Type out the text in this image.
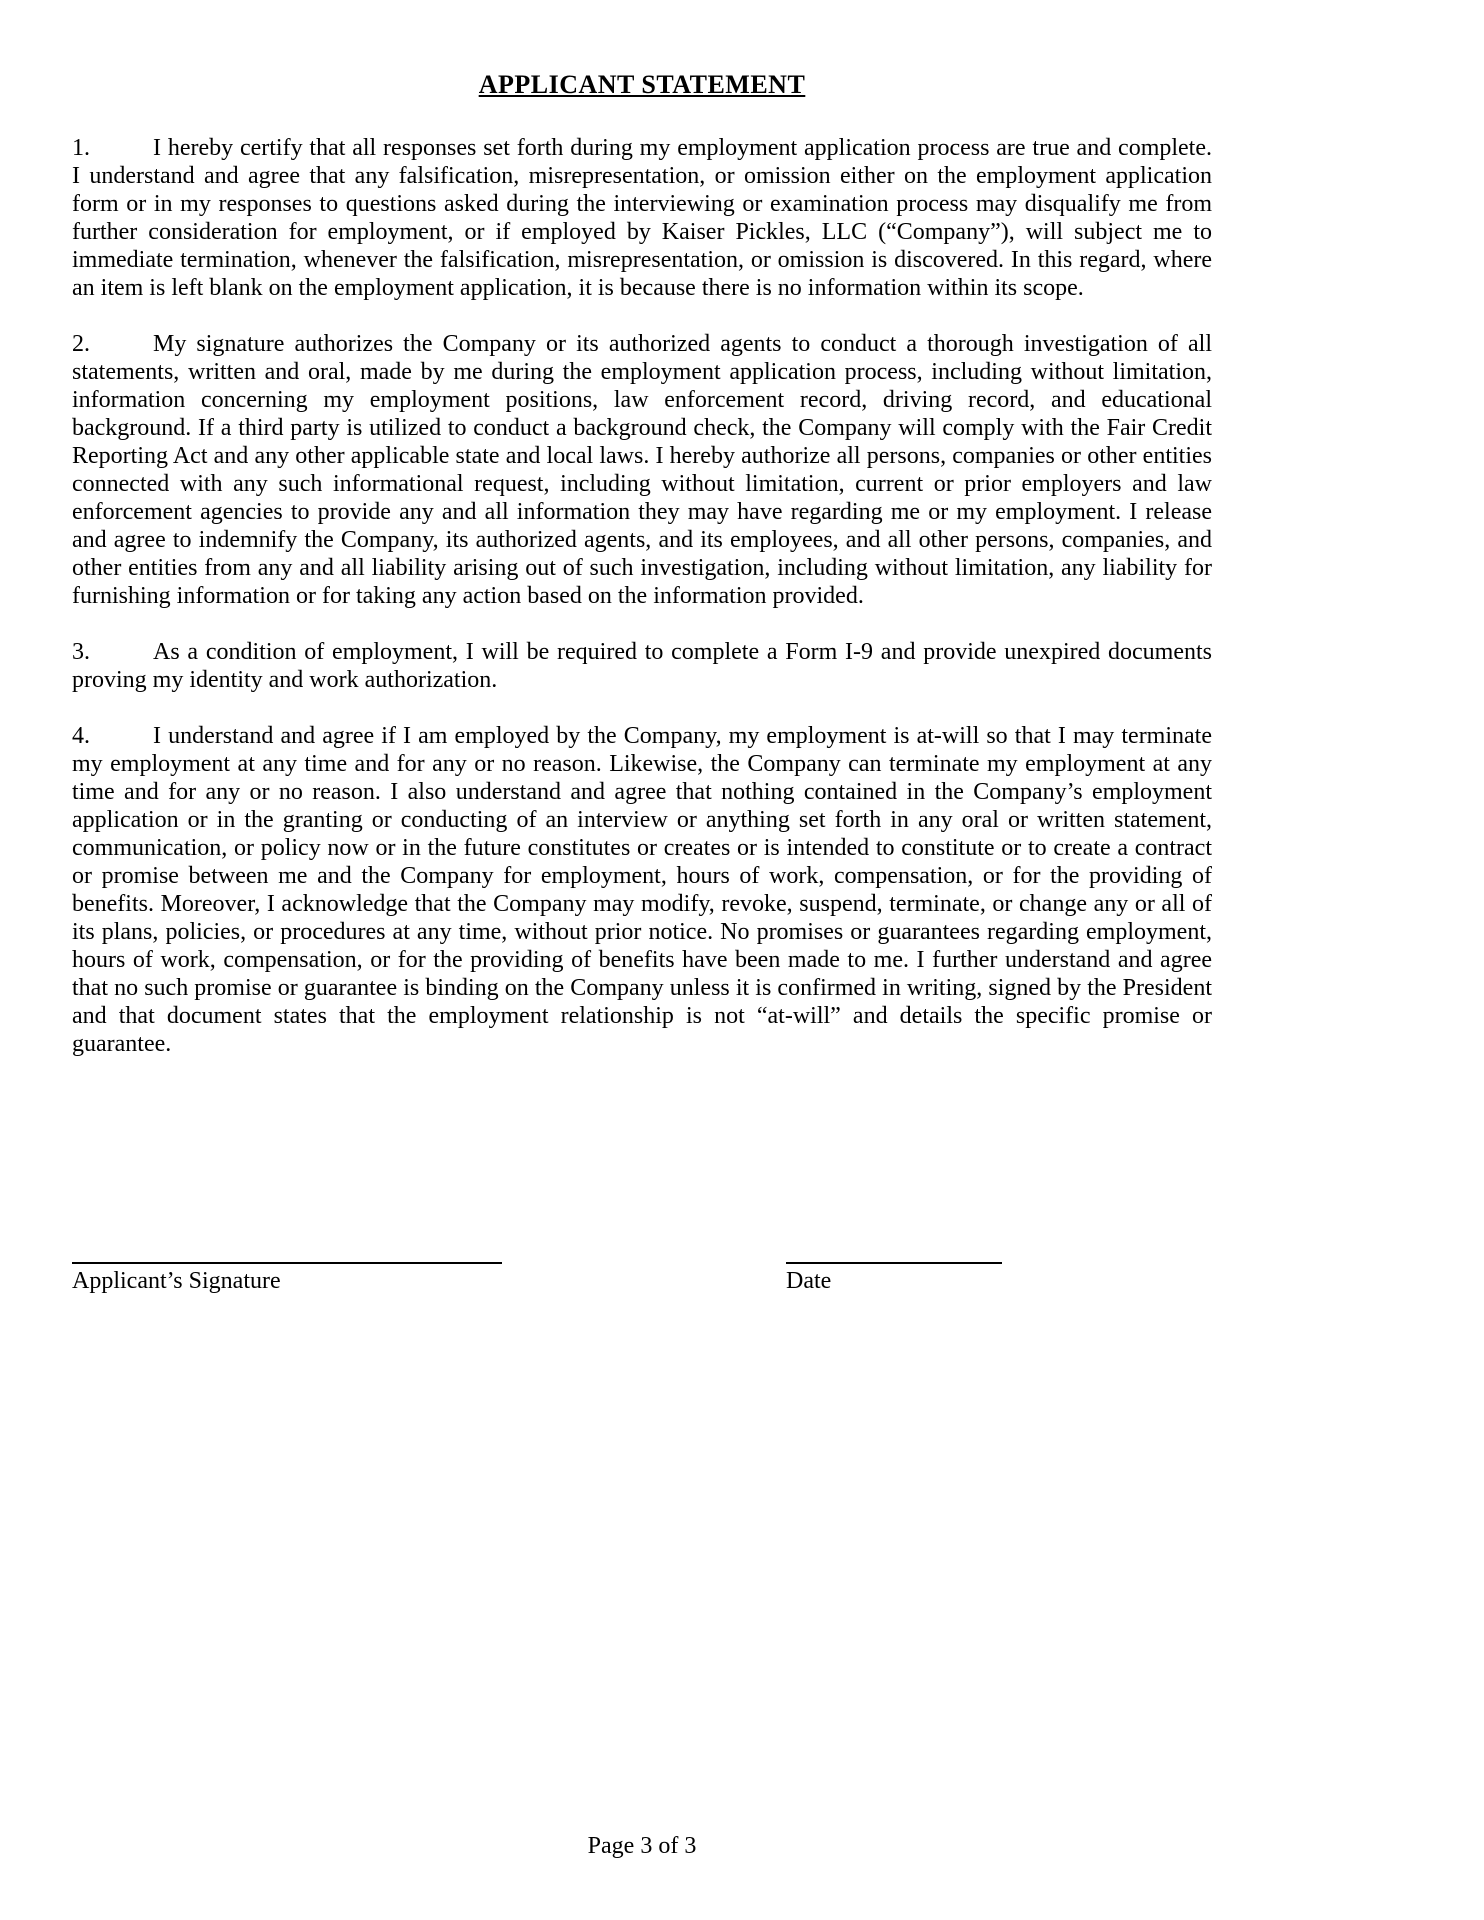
APPLICANT STATEMENT

1.	I hereby certify that all responses set forth during my employment application process are true and complete. I understand and agree that any falsification, misrepresentation, or omission either on the employment application form or in my responses to questions asked during the interviewing or examination process may disqualify me from further consideration for employment, or if employed by Kaiser Pickles, LLC (“Company”), will subject me to immediate termination, whenever the falsification, misrepresentation, or omission is discovered. In this regard, where an item is left blank on the employment application, it is because there is no information within its scope.

2.	My signature authorizes the Company or its authorized agents to conduct a thorough investigation of all statements, written and oral, made by me during the employment application process, including without limitation, information concerning my employment positions, law enforcement record, driving record, and educational background. If a third party is utilized to conduct a background check, the Company will comply with the Fair Credit Reporting Act and any other applicable state and local laws. I hereby authorize all persons, companies or other entities connected with any such informational request, including without limitation, current or prior employers and law enforcement agencies to provide any and all information they may have regarding me or my employment. I release and agree to indemnify the Company, its authorized agents, and its employees, and all other persons, companies, and other entities from any and all liability arising out of such investigation, including without limitation, any liability for furnishing information or for taking any action based on the information provided.

3.	As a condition of employment, I will be required to complete a Form I-9 and provide unexpired documents proving my identity and work authorization.

4.	I understand and agree if I am employed by the Company, my employment is at-will so that I may terminate my employment at any time and for any or no reason. Likewise, the Company can terminate my employment at any time and for any or no reason. I also understand and agree that nothing contained in the Company’s employment application or in the granting or conducting of an interview or anything set forth in any oral or written statement, communication, or policy now or in the future constitutes or creates or is intended to constitute or to create a contract or promise between me and the Company for employment, hours of work, compensation, or for the providing of benefits. Moreover, I acknowledge that the Company may modify, revoke, suspend, terminate, or change any or all of its plans, policies, or procedures at any time, without prior notice. No promises or guarantees regarding employment, hours of work, compensation, or for the providing of benefits have been made to me. I further understand and agree that no such promise or guarantee is binding on the Company unless it is confirmed in writing, signed by the President and that document states that the employment relationship is not “at-will” and details the specific promise or guarantee.

Applicant’s Signature	Date
Page 3 of 3
